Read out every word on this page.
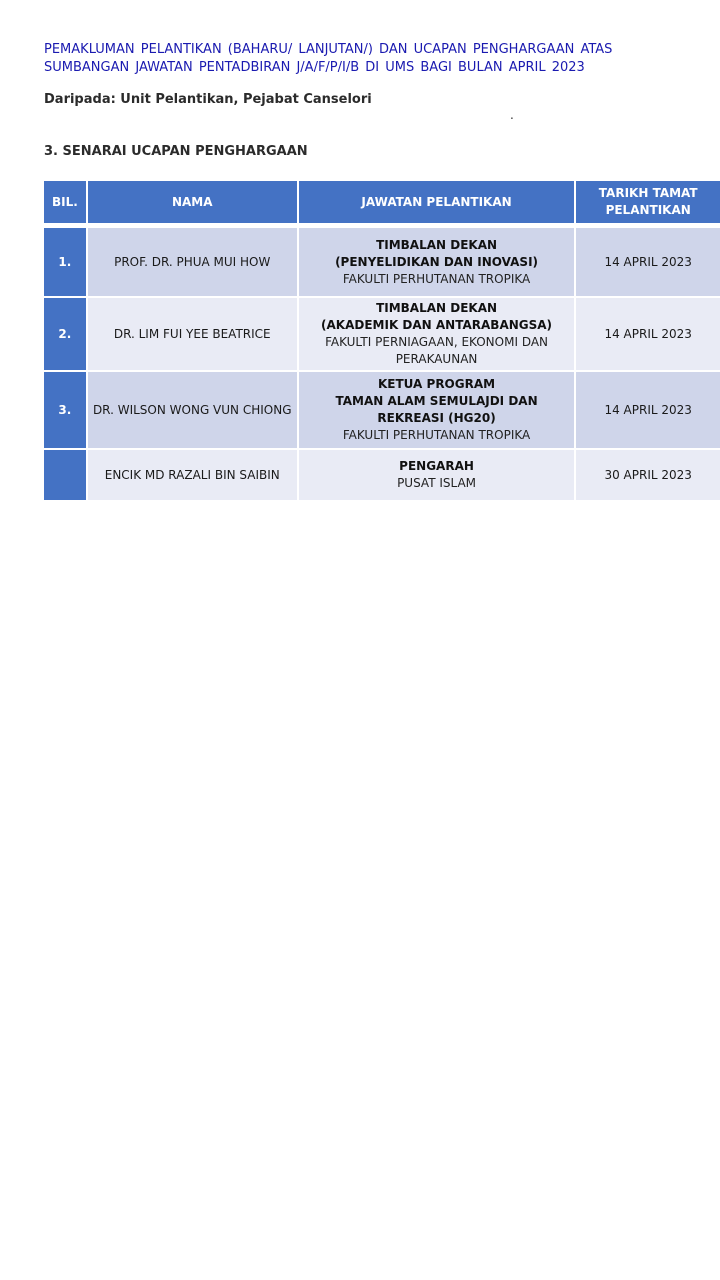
PEMAKLUMAN PELANTIKAN (BAHARU/ LANJUTAN/) DAN UCAPAN PENGHARGAAN ATAS
SUMBANGAN JAWATAN PENTADBIRAN J/A/F/P/I/B DI UMS BAGI BULAN APRIL 2023
Daripada: Unit Pelantikan, Pejabat Canselori
.
3. SENARAI UCAPAN PENGHARGAAN
BIL.	NAMA	JAWATAN PELANTIKAN	TARIKH TAMAT
PELANTIKAN

1.	PROF. DR. PHUA MUI HOW	TIMBALAN DEKAN
(PENYELIDIKAN DAN INOVASI)
FAKULTI PERHUTANAN TROPIKA	14 APRIL 2023
2.	DR. LIM FUI YEE BEATRICE	TIMBALAN DEKAN
(AKADEMIK DAN ANTARABANGSA)
FAKULTI PERNIAGAAN, EKONOMI DAN
PERAKAUNAN	14 APRIL 2023
3.	DR. WILSON WONG VUN CHIONG	KETUA PROGRAM
TAMAN ALAM SEMULAJDI DAN
REKREASI (HG20)
FAKULTI PERHUTANAN TROPIKA	14 APRIL 2023
	ENCIK MD RAZALI BIN SAIBIN	PENGARAH
PUSAT ISLAM	30 APRIL 2023
